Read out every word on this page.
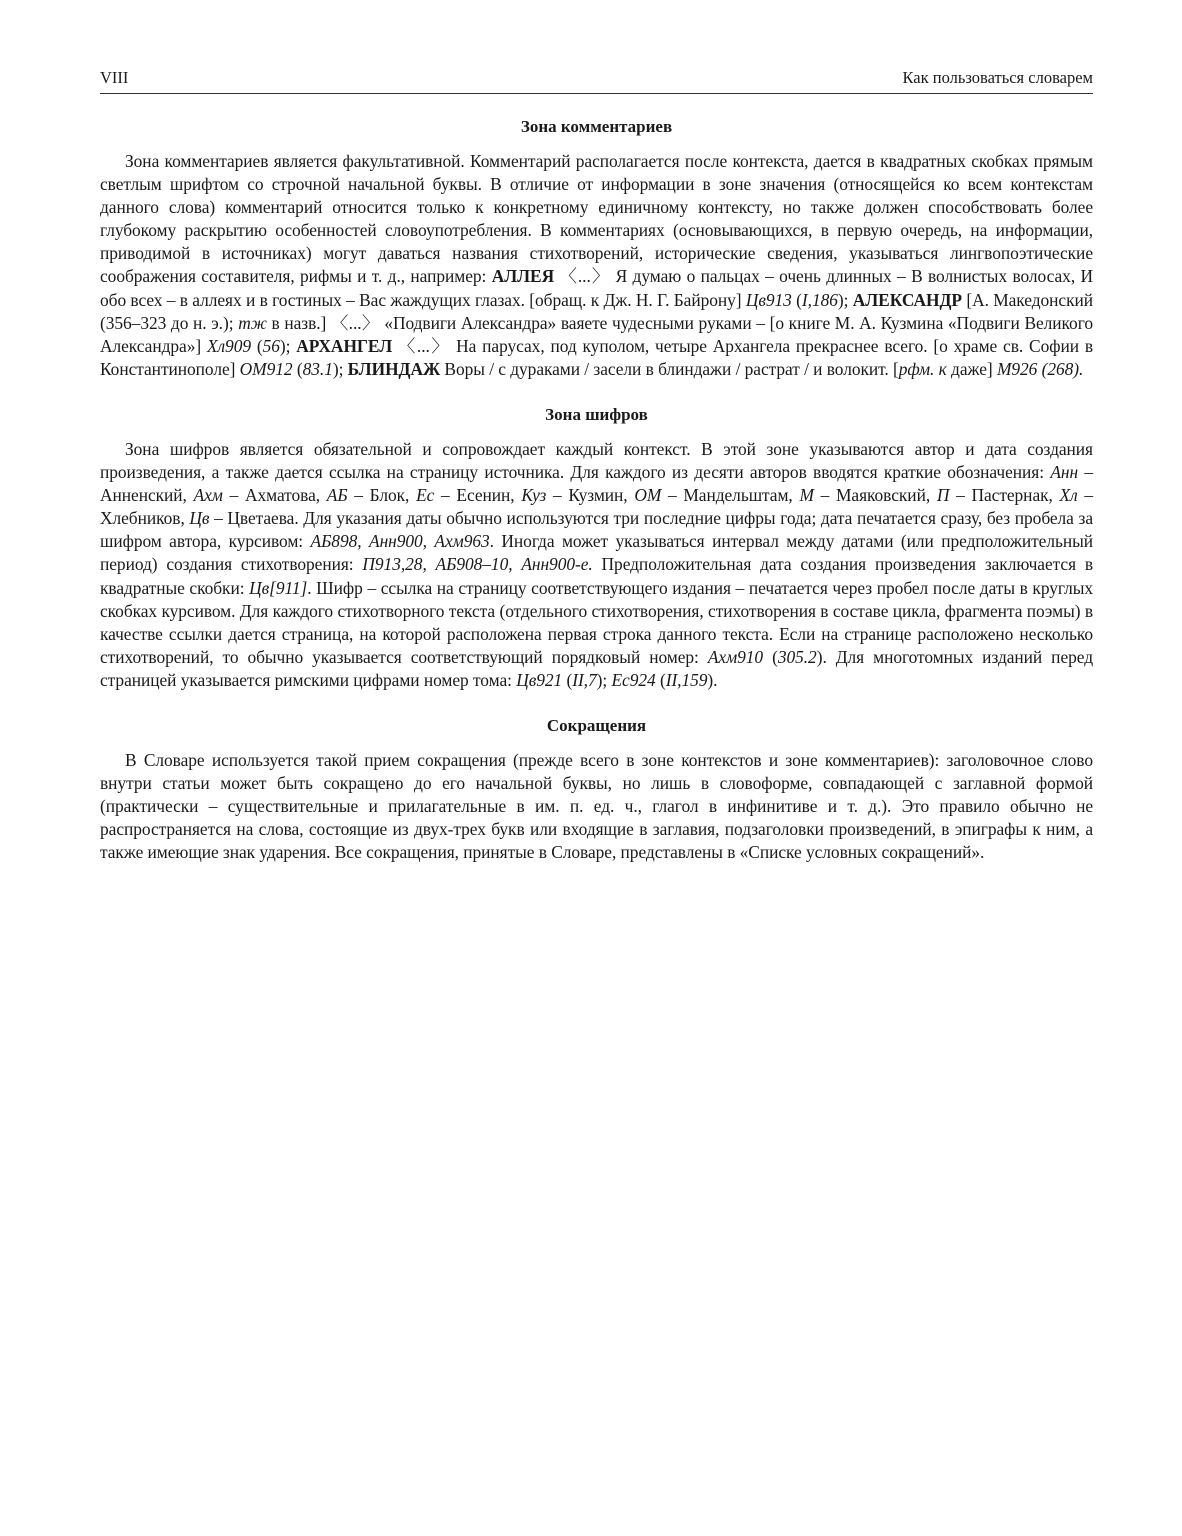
VIII	Как пользоваться словарем
Зона комментариев

Зона комментариев является факультативной. Комментарий располагается после контекста, дается в квадратных скобках прямым светлым шрифтом со строчной начальной буквы. В отличие от информации в зоне значения (относящейся ко всем контекстам данного слова) комментарий относится только к конкретному единичному контексту, но также должен способствовать более глубокому раскрытию особенностей словоупотребления. В комментариях (основывающихся, в первую очередь, на информации, приводимой в источниках) могут даваться названия стихотворений, исторические сведения, указываться лингвопоэтические соображения составителя, рифмы и т. д., например: АЛЛЕЯ 〈...〉 Я думаю о пальцах – очень длинных – В волнистых волосах, И обо всех – в аллеях и в гостиных – Вас жаждущих глазах. [обращ. к Дж. Н. Г. Байрону] Цв913 (I,186); АЛЕКСАНДР [А. Македонский (356–323 до н. э.); тж в назв.] 〈...〉 «Подвиги Александра» ваяете чудесными руками – [о книге М. А. Кузмина «Подвиги Великого Александра»] Хл909 (56); АРХАНГЕЛ 〈...〉 На парусах, под куполом, четыре Архангела прекраснее всего. [о храме св. Софии в Константинополе] ОМ912 (83.1); БЛИНДАЖ Воры / с дураками / засели в блиндажи / растрат / и волокит. [рфм. к даже] М926 (268).

Зона шифров

Зона шифров является обязательной и сопровождает каждый контекст. В этой зоне указываются автор и дата создания произведения, а также дается ссылка на страницу источника. Для каждого из десяти авторов вводятся краткие обозначения: Анн – Анненский, Ахм – Ахматова, АБ – Блок, Ес – Есенин, Куз – Кузмин, ОМ – Мандельштам, М – Маяковский, П – Пастернак, Хл – Хлебников, Цв – Цветаева. Для указания даты обычно используются три последние цифры года; дата печатается сразу, без пробела за шифром автора, курсивом: АБ898, Анн900, Ахм963. Иногда может указываться интервал между датами (или предположительный период) создания стихотворения: П913,28, АБ908–10, Анн900-е. Предположительная дата создания произведения заключается в квадратные скобки: Цв[911]. Шифр – ссылка на страницу соответствующего издания – печатается через пробел после даты в круглых скобках курсивом. Для каждого стихотворного текста (отдельного стихотворения, стихотворения в составе цикла, фрагмента поэмы) в качестве ссылки дается страница, на которой расположена первая строка данного текста. Если на странице расположено несколько стихотворений, то обычно указывается соответствующий порядковый номер: Ахм910 (305.2). Для многотомных изданий перед страницей указывается римскими цифрами номер тома: Цв921 (II,7); Ес924 (II,159).

Сокращения

В Словаре используется такой прием сокращения (прежде всего в зоне контекстов и зоне комментариев): заголовочное слово внутри статьи может быть сокращено до его начальной буквы, но лишь в словоформе, совпадающей с заглавной формой (практически – существительные и прилагательные в им. п. ед. ч., глагол в инфинитиве и т. д.). Это правило обычно не распространяется на слова, состоящие из двух-трех букв или входящие в заглавия, подзаголовки произведений, в эпиграфы к ним, а также имеющие знак ударения. Все сокращения, принятые в Словаре, представлены в «Списке условных сокращений».
